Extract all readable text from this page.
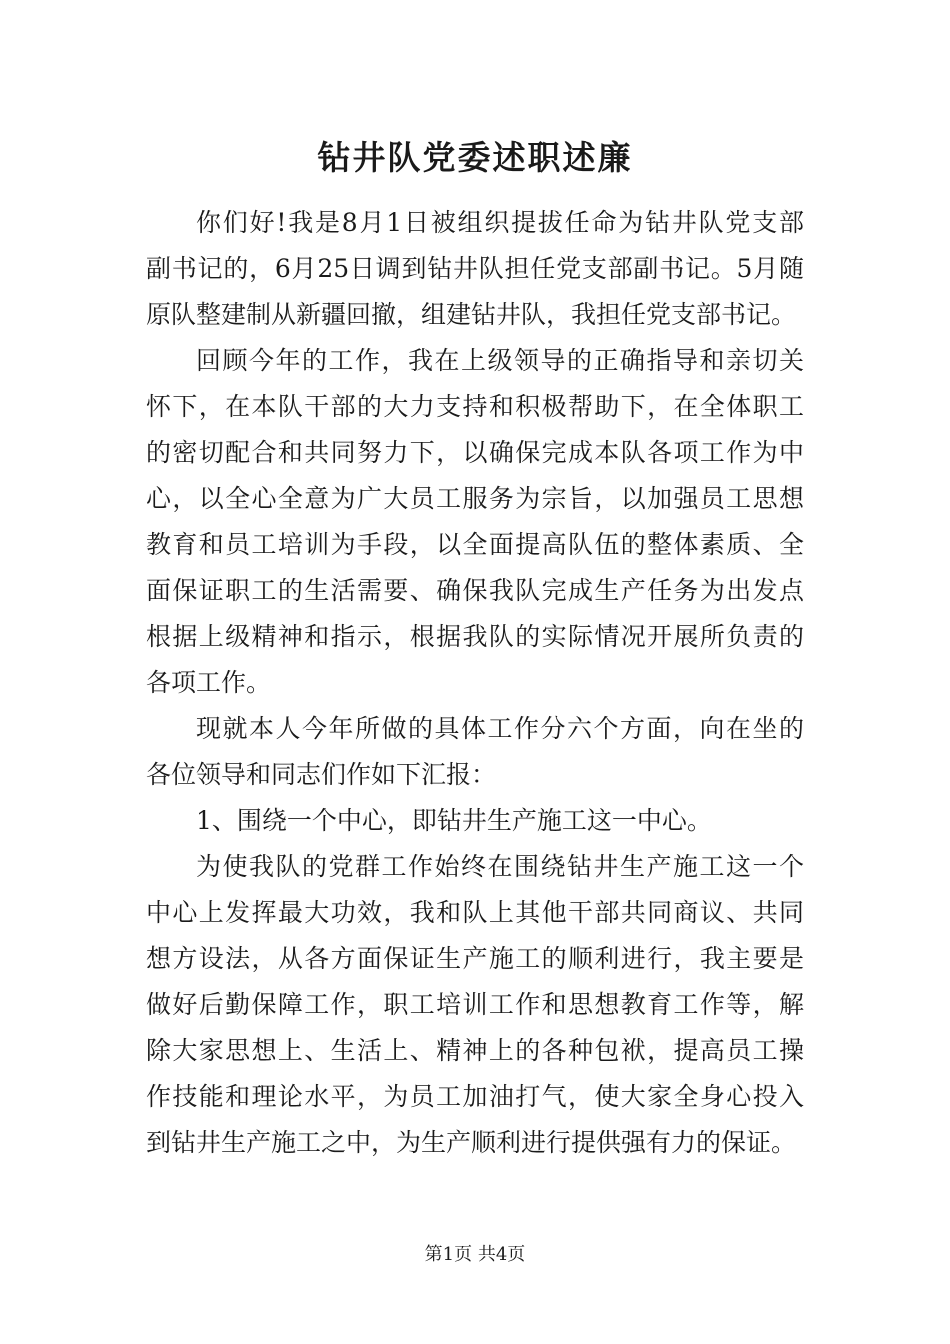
钻井队党委述职述廉
你们好!我是8月1日被组织提拔任命为钻井队党支部
副书记的，6月25日调到钻井队担任党支部副书记。5月随
原队整建制从新疆回撤，组建钻井队，我担任党支部书记。
回顾今年的工作，我在上级领导的正确指导和亲切关
怀下，在本队干部的大力支持和积极帮助下，在全体职工
的密切配合和共同努力下，以确保完成本队各项工作为中
心，以全心全意为广大员工服务为宗旨，以加强员工思想
教育和员工培训为手段，以全面提高队伍的整体素质、全
面保证职工的生活需要、确保我队完成生产任务为出发点
根据上级精神和指示，根据我队的实际情况开展所负责的
各项工作。
现就本人今年所做的具体工作分六个方面，向在坐的
各位领导和同志们作如下汇报：
1、围绕一个中心，即钻井生产施工这一中心。
为使我队的党群工作始终在围绕钻井生产施工这一个
中心上发挥最大功效，我和队上其他干部共同商议、共同
想方设法，从各方面保证生产施工的顺利进行，我主要是
做好后勤保障工作，职工培训工作和思想教育工作等，解
除大家思想上、生活上、精神上的各种包袱，提高员工操
作技能和理论水平，为员工加油打气，使大家全身心投入
到钻井生产施工之中，为生产顺利进行提供强有力的保证。
第1页 共4页
